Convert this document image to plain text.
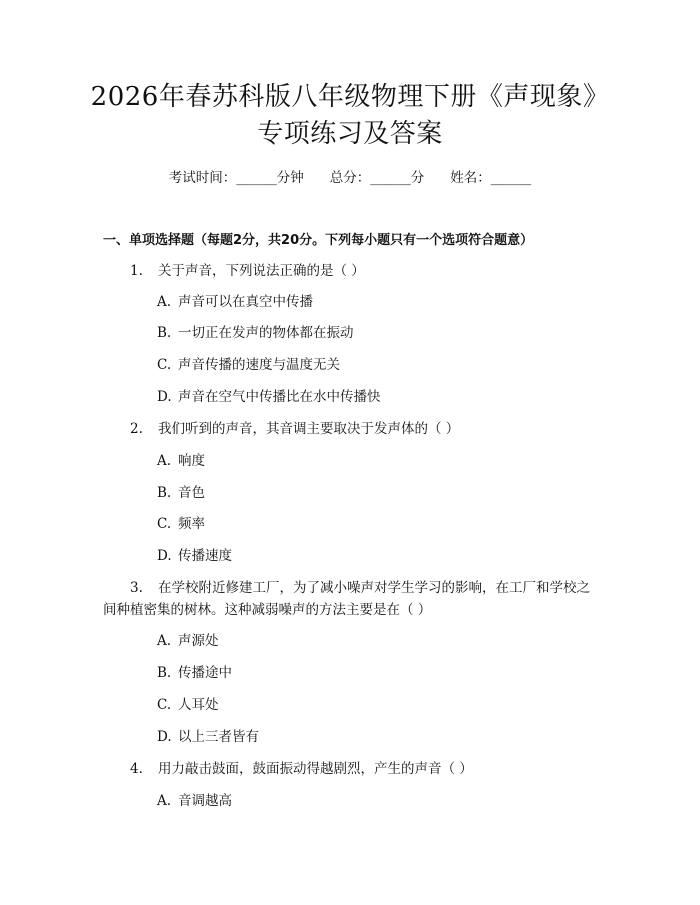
2026年春苏科版八年级物理下册《声现象》
专项练习及答案
考试时间：______分钟 总分：______分 姓名：______
一、单项选择题（每题2分，共20分。下列每小题只有一个选项符合题意）
1. 关于声音，下列说法正确的是（ ）
A. 声音可以在真空中传播
B. 一切正在发声的物体都在振动
C. 声音传播的速度与温度无关
D. 声音在空气中传播比在水中传播快
2. 我们听到的声音，其音调主要取决于发声体的（ ）
A. 响度
B. 音色
C. 频率
D. 传播速度
3. 在学校附近修建工厂，为了减小噪声对学生学习的影响，在工厂和学校之
间种植密集的树林。这种减弱噪声的方法主要是在（ ）
A. 声源处
B. 传播途中
C. 人耳处
D. 以上三者皆有
4. 用力敲击鼓面，鼓面振动得越剧烈，产生的声音（ ）
A. 音调越高
